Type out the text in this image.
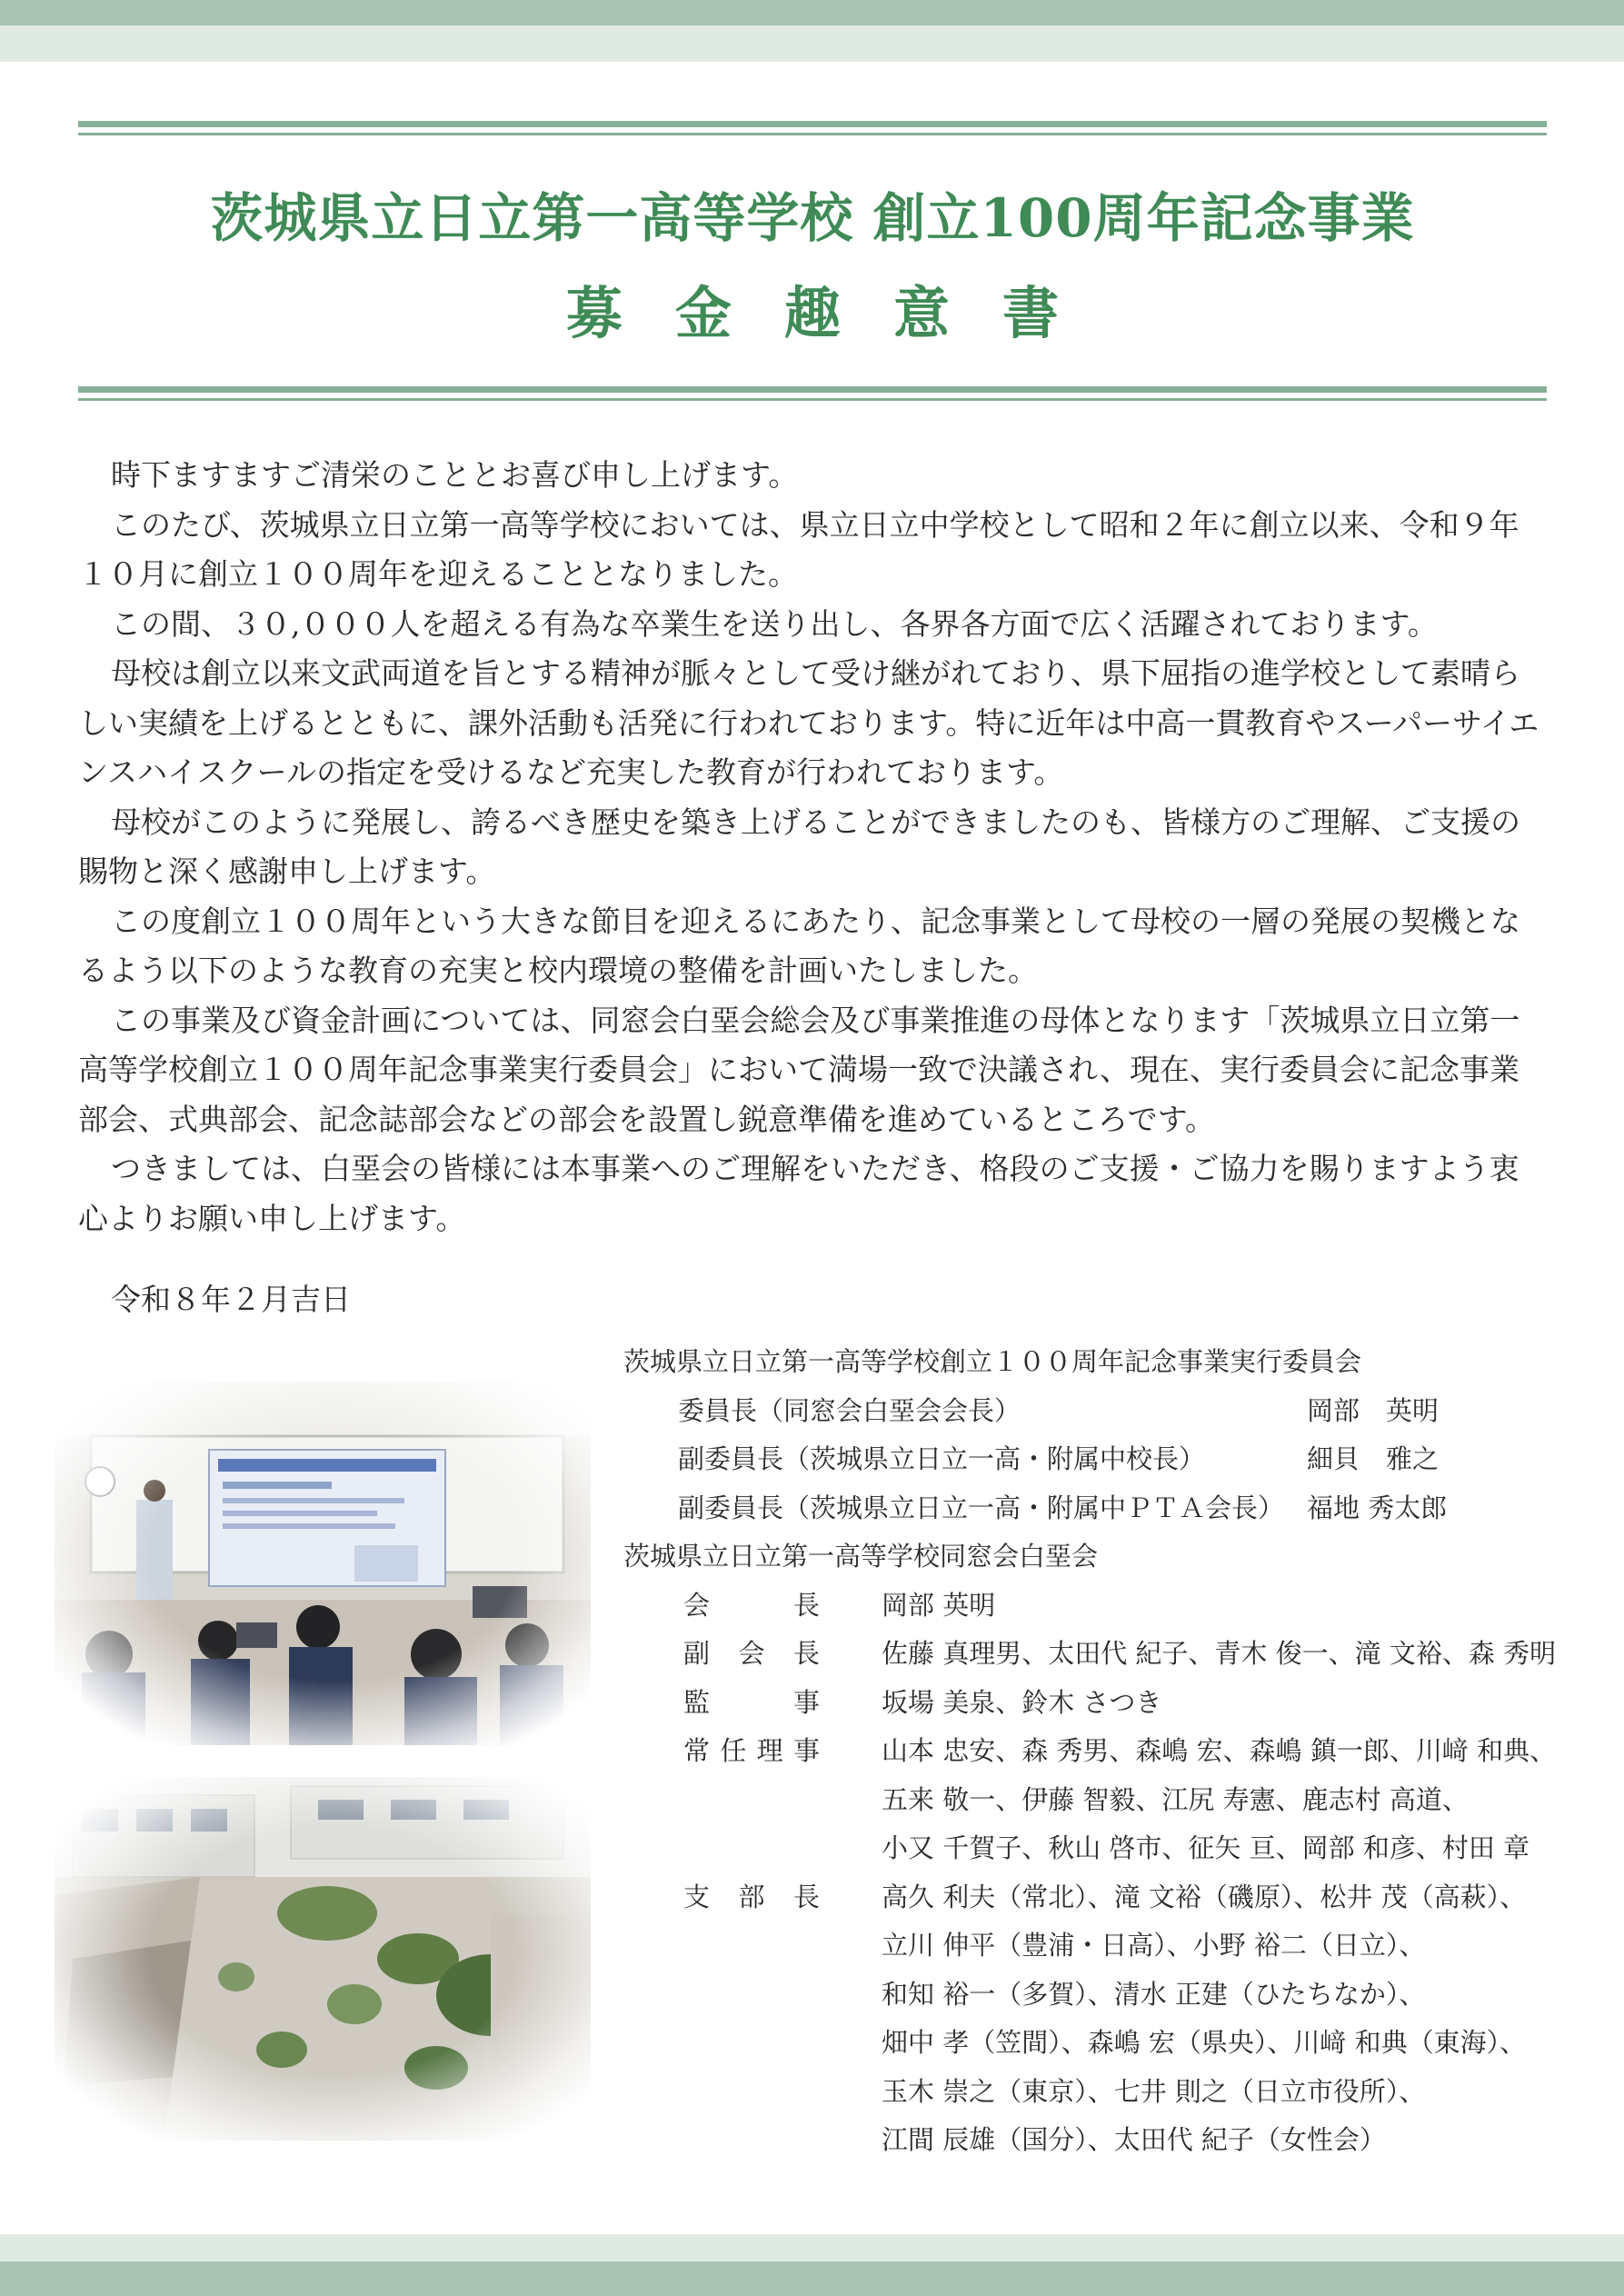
茨城県立日立第一高等学校 創立100周年記念事業
募金趣意書

時下ますますご清栄のこととお喜び申し上げます。

このたび、茨城県立日立第一高等学校においては、県立日立中学校として昭和２年に創立以来、令和９年１０月に創立１００周年を迎えることとなりました。

この間、３０,０００人を超える有為な卒業生を送り出し、各界各方面で広く活躍されております。

母校は創立以来文武両道を旨とする精神が脈々として受け継がれており、県下屈指の進学校として素晴らしい実績を上げるとともに、課外活動も活発に行われております。特に近年は中高一貫教育やスーパーサイエンスハイスクールの指定を受けるなど充実した教育が行われております。

母校がこのように発展し、誇るべき歴史を築き上げることができましたのも、皆様方のご理解、ご支援の賜物と深く感謝申し上げます。

この度創立１００周年という大きな節目を迎えるにあたり、記念事業として母校の一層の発展の契機となるよう以下のような教育の充実と校内環境の整備を計画いたしました。

この事業及び資金計画については、同窓会白堊会総会及び事業推進の母体となります「茨城県立日立第一高等学校創立１００周年記念事業実行委員会」において満場一致で決議され、現在、実行委員会に記念事業部会、式典部会、記念誌部会などの部会を設置し鋭意準備を進めているところです。

つきましては、白堊会の皆様には本事業へのご理解をいただき、格段のご支援・ご協力を賜りますよう衷心よりお願い申し上げます。

令和８年２月吉日
茨城県立日立第一高等学校創立１００周年記念事業実行委員会
委員長（同窓会白堊会会長）	岡部　英明
副委員長（茨城県立日立一高・附属中校長）	細貝　雅之
副委員長（茨城県立日立一高・附属中ＰＴＡ会長） 福地 秀太郎
茨城県立日立第一高等学校同窓会白堊会
会	長 岡部 英明
副 会 長 佐藤 真理男、太田代 紀子、青木 俊一、滝 文裕、森 秀明
監	事 坂場 美泉、鈴木 さつき
常 任 理 事 山本 忠安、森 秀男、森嶋 宏、森嶋 鎮一郎、川﨑 和典、
五来 敬一、伊藤 智毅、江尻 寿憲、鹿志村 高道、
小又 千賀子、秋山 啓市、征矢 亘、岡部 和彦、村田 章
支 部 長 高久 利夫（常北）、滝 文裕（磯原）、松井 茂（高萩）、
立川 伸平（豊浦・日高）、小野 裕二（日立）、
和知 裕一（多賀）、清水 正建（ひたちなか）、
畑中 孝（笠間）、森嶋 宏（県央）、川﨑 和典（東海）、
玉木 崇之（東京）、七井 則之（日立市役所）、
江間 辰雄（国分）、太田代 紀子（女性会）
